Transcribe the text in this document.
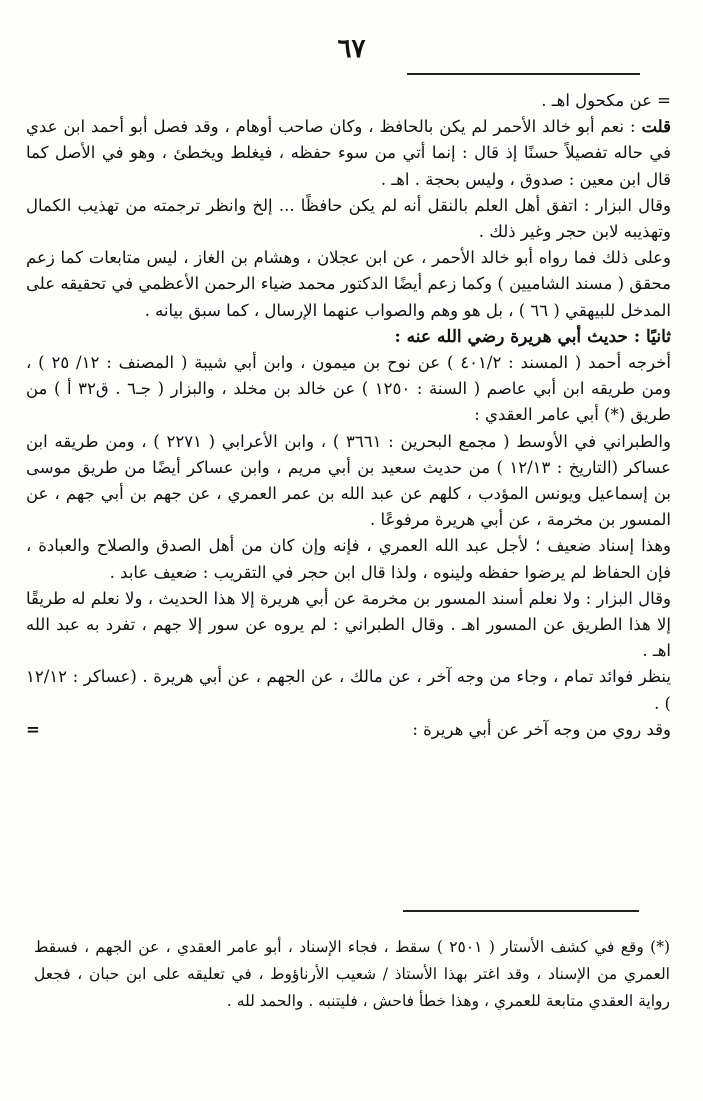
٦٧

= عن مكحول اهـ .

قلت : نعم أبو خالد الأحمر لم يكن بالحافظ ، وكان صاحب أوهام ، وقد فصل أبو أحمد ابن عدي في حاله تفصيلاً حسنًا إذ قال : إنما أتي من سوء حفظه ، فيغلط ويخطئ ، وهو في الأصل كما قال ابن معين : صدوق ، وليس بحجة . اهـ .

وقال البزار : اتفق أهل العلم بالنقل أنه لم يكن حافظًا ... إلخ وانظر ترجمته من تهذيب الكمال وتهذيبه لابن حجر وغير ذلك .

وعلى ذلك فما رواه أبو خالد الأحمر ، عن ابن عجلان ، وهشام بن الغاز ، ليس متابعات كما زعم محقق ( مسند الشاميين ) وكما زعم أيضًا الدكتور محمد ضياء الرحمن الأعظمي في تحقيقه على المدخل للبيهقي ( ٦٦ ) ، بل هو وهم والصواب عنهما الإرسال ، كما سبق بيانه .

ثانيًا : حديث أبي هريرة رضي الله عنه :

أخرجه أحمد ( المسند : ٤٠١/٢ ) عن نوح بن ميمون ، وابن أبي شيبة ( المصنف : ١٢/ ٢٥ ) ، ومن طريقه ابن أبي عاصم ( السنة : ١٢٥٠ ) عن خالد بن مخلد ، والبزار ( جـ٦ . ق٣٢ أ ) من طريق (*) أبي عامر العقدي :

والطبراني في الأوسط ( مجمع البحرين : ٣٦٦١ ) ، وابن الأعرابي ( ٢٢٧١ ) ، ومن طريقه ابن عساكر (التاريخ : ١٢/١٣ ) من حديث سعيد بن أبي مريم ، وابن عساكر أيضًا من طريق موسى بن إسماعيل ويونس المؤدب ، كلهم عن عبد الله بن عمر العمري ، عن جهم بن أبي جهم ، عن المسور بن مخرمة ، عن أبي هريرة مرفوعًا .

وهذا إسناد ضعيف ؛ لأجل عبد الله العمري ، فإنه وإن كان من أهل الصدق والصلاح والعبادة ، فإن الحفاظ لم يرضوا حفظه ولينوه ، ولذا قال ابن حجر في التقريب : ضعيف عابد .

وقال البزار : ولا نعلم أسند المسور بن مخرمة عن أبي هريرة إلا هذا الحديث ، ولا نعلم له طريقًا إلا هذا الطريق عن المسور اهـ . وقال الطبراني : لم يروه عن سور إلا جهم ، تفرد به عبد الله اهـ .

ينظر فوائد تمام ، وجاء من وجه آخر ، عن مالك ، عن الجهم ، عن أبي هريرة . (عساكر : ١٢/١٢ ) .

وقد روي من وجه آخر عن أبي هريرة :

=
(*) وقع في كشف الأستار ( ٢٥٠١ ) سقط ، فجاء الإسناد ، أبو عامر العقدي ، عن الجهم ، فسقط العمري من الإسناد ، وقد اغتر بهذا الأستاذ / شعيب الأرناؤوط ، في تعليقه على ابن حبان ، فجعل رواية العقدي متابعة للعمري ، وهذا خطأ فاحش ، فليتنبه . والحمد لله .
